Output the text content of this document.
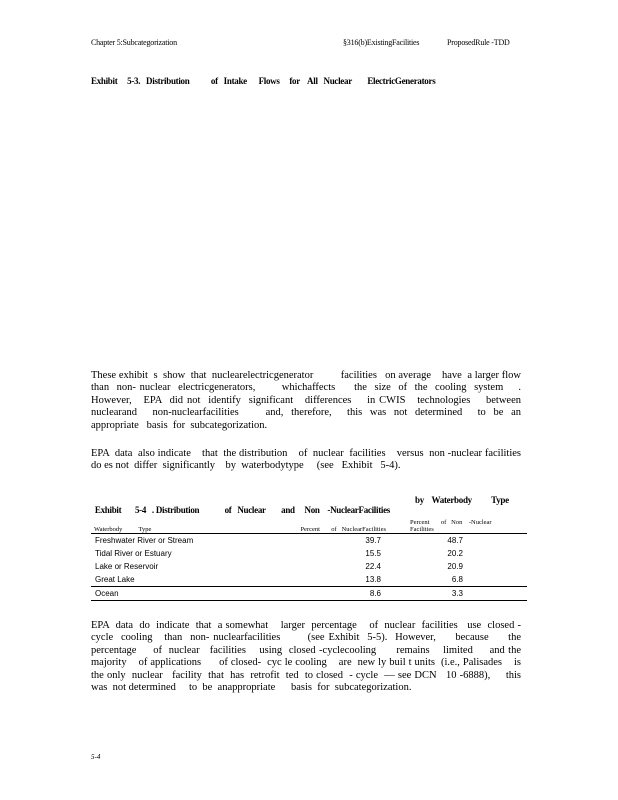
Chapter 5:Subcategorization	§316(b)ExistingFacilities	ProposedRule -TDD
Exhibit     5-3.   Distribution           of   Intake      Flows     for    All   Nuclear        ElectricGenerators
These exhibit  s  show  that  nuclearelectricgenerator          facilities   on average    have  a larger flow  than  non- nuclear  electricgenerators,       whichaffects     the  size  of  the  cooling  system    . However,   EPA  did not  identify  significant   differences    in CWIS   technologies    between nuclearand    non-nuclearfacilities       and,  therefore,    this  was  not  determined    to  be  an appropriate   basis  for  subcategorization.
EPA  data  also indicate    that  the distribution    of  nuclear  facilities    versus  non -nuclear facilities   do es not  differ  significantly    by  waterbodytype     (see   Exhibit   5-4).

Exhibit       5-4   . Distribution             of   Nuclear        and     Non    -NuclearFacilities

by    Waterbody          Type
Waterbody          Type	Percent       of   NuclearFacilities	Percent       of   Non    -Nuclear
Facilities

Freshwater River or Stream	39.7	48.7
Tidal River or Estuary	15.5	20.2
Lake or Reservoir	22.4	20.9
Great Lake	13.8	6.8
Ocean	8.6	3.3
EPA  data  do  indicate  that  a somewhat    larger  percentage    of  nuclear  facilities   use  closed - cycle  cooling   than  non- nuclearfacilities       (see Exhibit  5-5).  However,     because     the percentage     of  nuclear   facilities    using  closed -cyclecooling      remains    limited     and the majority    of applications      of closed-  cyc le cooling    are  new ly buil t units  (i.e., Palisades    is the only  nuclear   facility  that  has  retrofit  ted  to closed  - cycle  — see DCN   10 -6888),     this was  not determined     to  be  anappropriate      basis  for  subcategorization.
5-4
